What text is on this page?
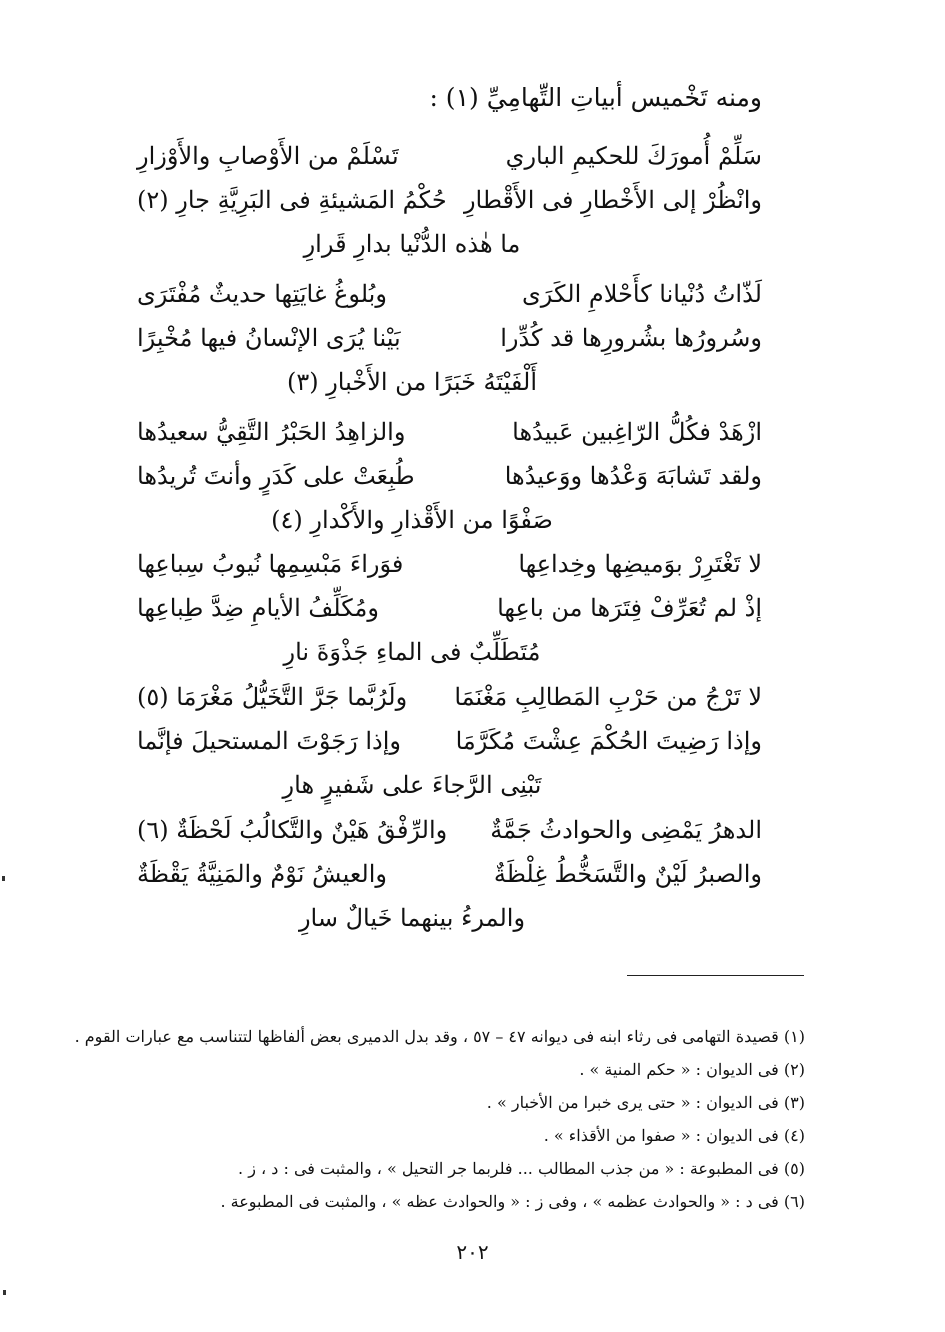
ومنه تَخْميس أبياتِ التِّهامِيِّ (١) :
سَلِّمْ أُمورَكَ للحكيمِ الباري
تَسْلَمْ من الأَوْصابِ والأَوْزارِ
وانْظُرْ إلى الأَخْطارِ فى الأَقْطارِ
حُكْمُ المَشيئةِ فى البَرِيَّةِ جارِ (٢)
ما هٰذه الدُّنْيا بدارِ قَرارِ
لَذّاتُ دُنْيانا كأَحْلامِ الكَرَى
وبُلوغُ غايَتِها حديثٌ مُفْتَرَى
وسُرورُها بشُرورِها قد كُدِّرا
بَيْنا يُرَى الإنْسانُ فيها مُخْبِرًا
أَلْفَيْتَهُ خَبَرًا من الأَخْبارِ (٣)
ازْهَدْ فكُلُّ الرّاغِبين عَبيدُها
والزاهِدُ الحَبْرُ التَّقِيُّ سعيدُها
ولقد تَشابَهَ وَعْدُها ووَعيدُها
طُبِعَتْ على كَدَرٍ وأنتَ تُريدُها
صَفْوًا من الأَقْذارِ والأَكْدارِ (٤)
لا تَغْتَرِرْ بوَميضِها وخِداعِها
فوَراءَ مَبْسِمِها نُيوبُ سِباعِها
إذْ لم تُعَرِّفْ فِتَرَها من باعِها
ومُكَلِّفُ الأيامِ ضِدَّ طِباعِها
مُتَطَلِّبٌ فى الماءِ جَذْوَةَ نارِ
لا تَرْجُ من حَرْبِ المَطالِبِ مَغْنَمَا
ولَرُبَّما جَرَّ التَّخَيُّلُ مَغْرَمَا (٥)
وإذا رَضِيتَ الحُكْمَ عِشْتَ مُكَرَّمَا
وإذا رَجَوْتَ المستحيلَ فإنَّما
تَبْنِى الرَّجاءَ على شَفيرٍ هارِ
الدهرُ يَمْضِى والحوادثُ جَمَّةٌ
والرِّفْقُ هَيْنٌ والتَّكالُبُ لَحْظَةٌ (٦)
والصبرُ لَيْنٌ والتَّسَخُّطُ غِلْظَةٌ
والعيشُ نَوْمٌ والمَنِيَّةُ يَقْظَةٌ
والمرءُ بينهما خَيالٌ سارِ
(١) قصيدة التهامى فى رثاء ابنه فى ديوانه ٤٧ – ٥٧ ، وقد بدل الدميرى بعض ألفاظها لتتناسب مع عبارات القوم .
(٢) فى الديوان : « حكم المنية » .
(٣) فى الديوان : « حتى يرى خبرا من الأخبار » .
(٤) فى الديوان : « صفوا من الأقذاء » .
(٥) فى المطبوعة : « من جذب المطالب ... فلربما جر التحيل » ، والمثبت فى : د ، ز .
(٦) فى د : « والحوادث عظمه » ، وفى ز : « والحوادث عظه » ، والمثبت فى المطبوعة .
٢٠٢
